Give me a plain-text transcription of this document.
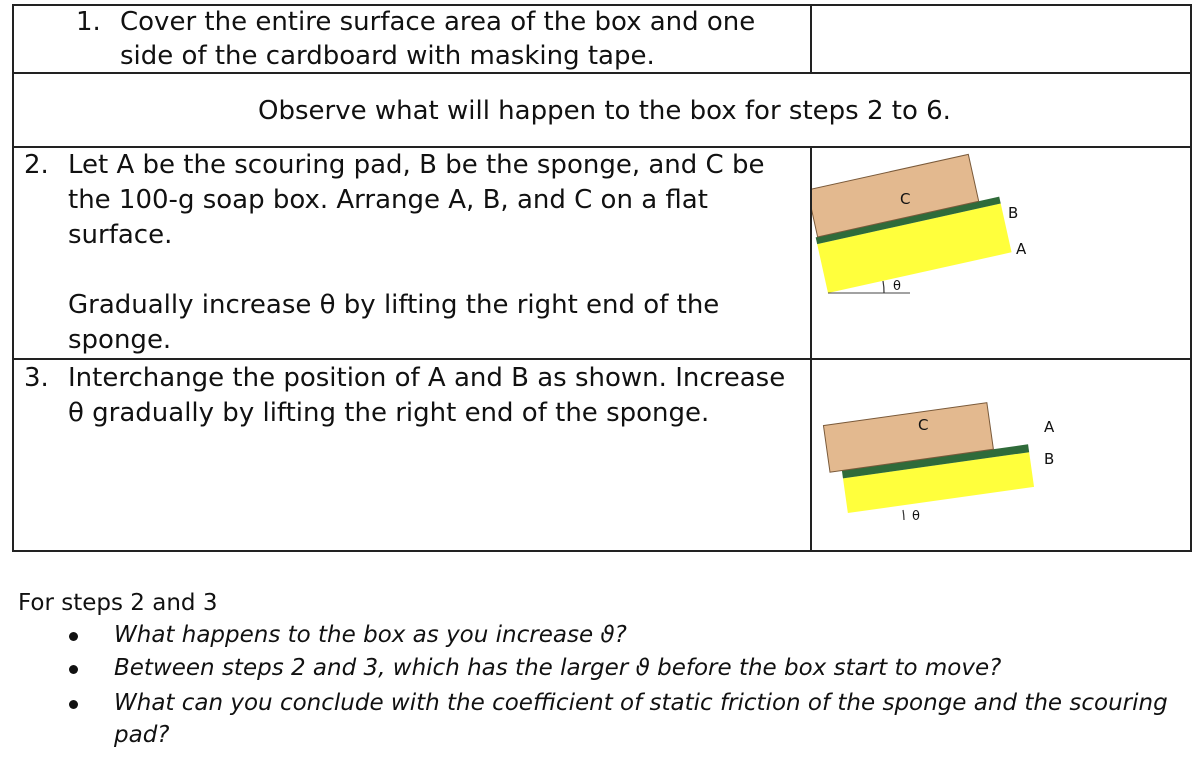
1. Cover the entire surface area of the box and one
side of the cardboard with masking tape.
Observe what will happen to the box for steps 2 to 6.
2. Let A be the scouring pad, B be the sponge, and C be
the 100-g soap box. Arrange A, B, and C on a flat
surface.
Gradually increase θ by lifting the right end of the
sponge.
3. Interchange the position of A and B as shown. Increase
θ gradually by lifting the right end of the sponge.
C
B
A
θ
C	A
B
θ
For steps 2 and 3
What happens to the box as you increase ϑ?
Between steps 2 and 3, which has the larger ϑ before the box start to move?
What can you conclude with the coefficient of static friction of the sponge and the scouring
pad?
